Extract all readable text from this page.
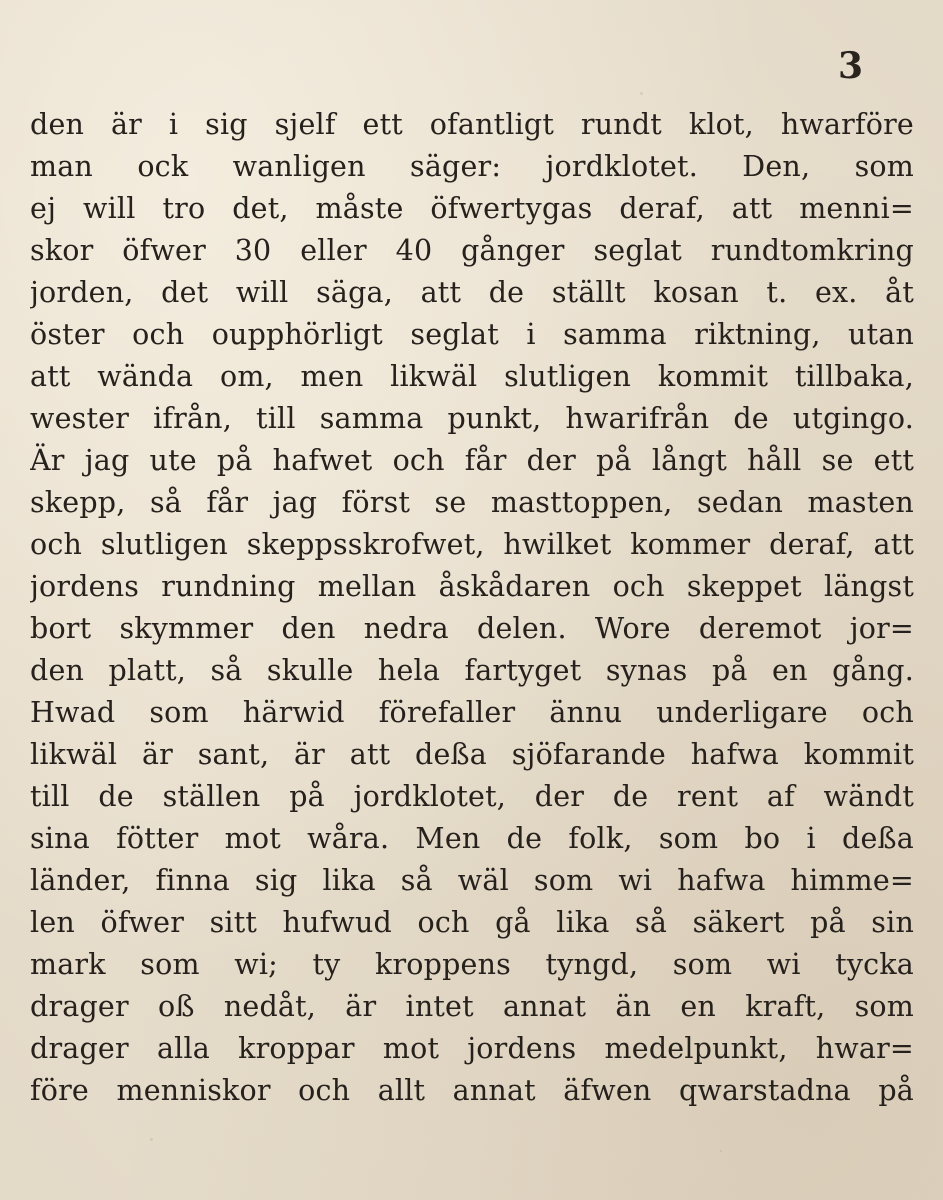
3
den är i sig sjelf ett ofantligt rundt klot, hwarföre
man ock wanligen säger: jordklotet. Den, som
ej will tro det, måste öfwertygas deraf, att menni=
skor öfwer 30 eller 40 gånger seglat rundtomkring
jorden, det will säga, att de ställt kosan t. ex. åt
öster och oupphörligt seglat i samma riktning, utan
att wända om, men likwäl slutligen kommit tillbaka,
wester ifrån, till samma punkt, hwarifrån de utgingo.
Är jag ute på hafwet och får der på långt håll se ett
skepp, så får jag först se masttoppen, sedan masten
och slutligen skeppsskrofwet, hwilket kommer deraf, att
jordens rundning mellan åskådaren och skeppet längst
bort skymmer den nedra delen. Wore deremot jor=
den platt, så skulle hela fartyget synas på en gång.
Hwad som härwid förefaller ännu underligare och
likwäl är sant, är att deßa sjöfarande hafwa kommit
till de ställen på jordklotet, der de rent af wändt
sina fötter mot wåra. Men de folk, som bo i deßa
länder, finna sig lika så wäl som wi hafwa himme=
len öfwer sitt hufwud och gå lika så säkert på sin
mark som wi; ty kroppens tyngd, som wi tycka
drager oß nedåt, är intet annat än en kraft, som
drager alla kroppar mot jordens medelpunkt, hwar=
före menniskor och allt annat äfwen qwarstadna på
